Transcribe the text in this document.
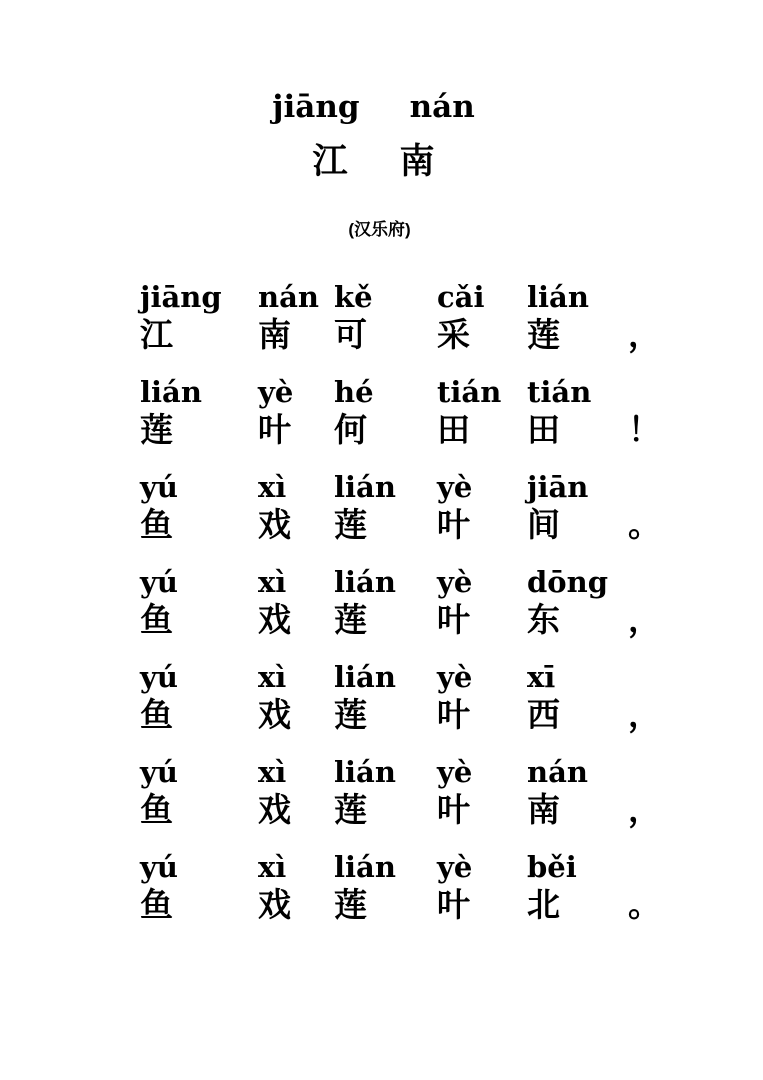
jiāng nán
江 南
(汉乐府)
jiāng	nán kě	cǎi	lián
江	南	可	采	莲	，
lián	yè	hé	tián tián
莲	叶	何	田	田	！
yú	xì	lián	yè	jiān
鱼	戏	莲	叶	间	。
yú	xì	lián	yè	dōng
鱼	戏	莲	叶	东	，
yú	xì	lián	yè	xī
鱼	戏	莲	叶	西	，
yú	xì	lián	yè	nán
鱼	戏	莲	叶	南	，
yú	xì	lián	yè	běi
鱼	戏	莲	叶	北	。
